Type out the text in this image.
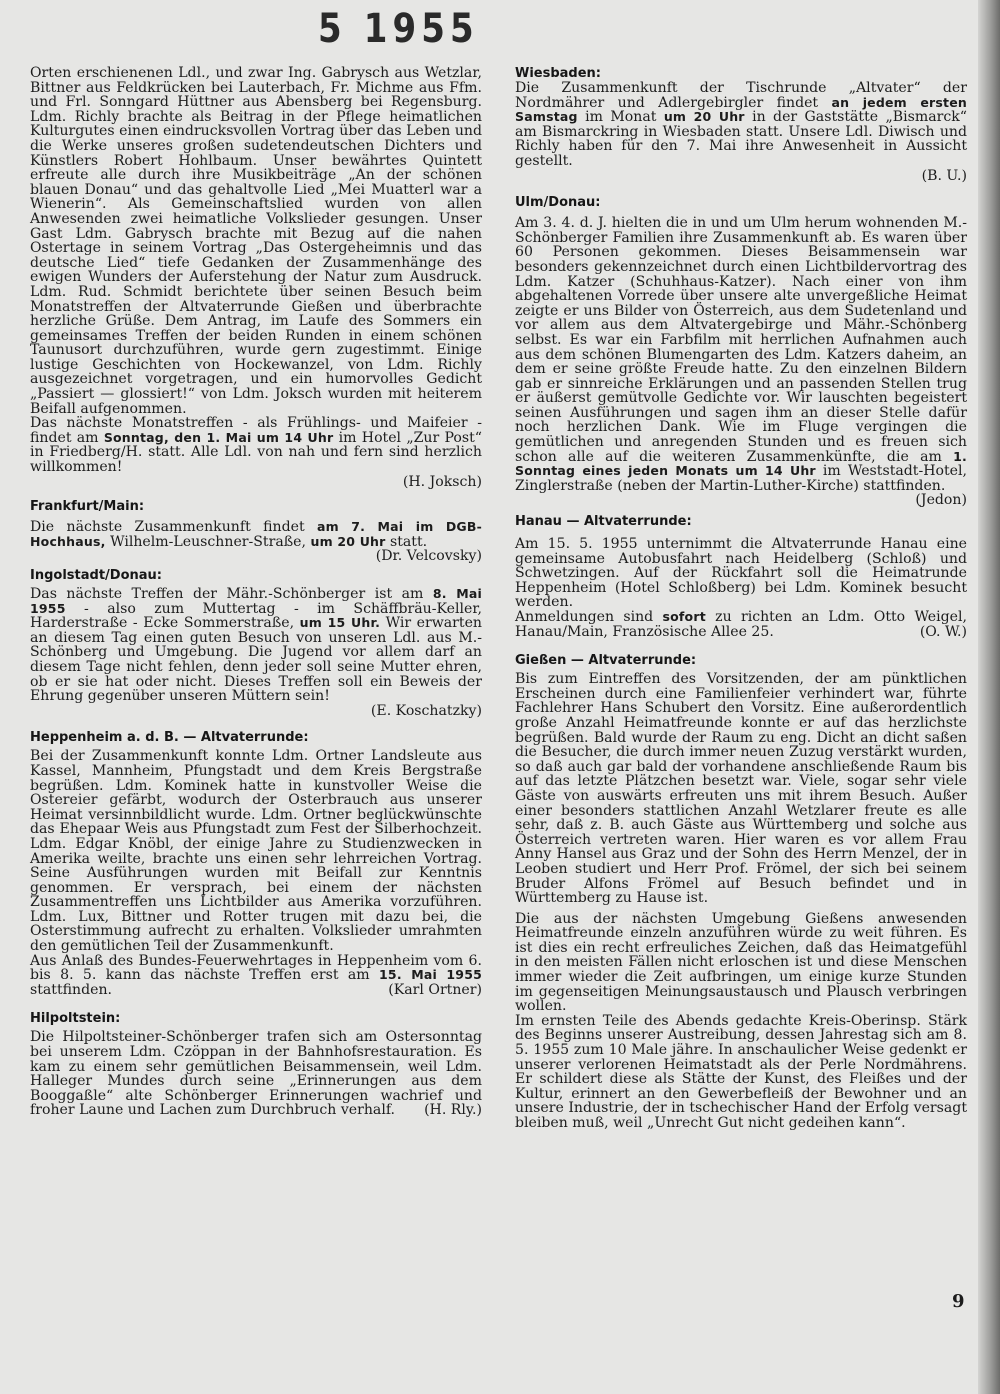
5 1955

Orten erschienenen Ldl., und zwar Ing. Gabrysch aus Wetzlar, Bittner aus Feldkrücken bei Lauterbach, Fr. Michme aus Ffm. und Frl. Sonngard Hüttner aus Abensberg bei Regensburg. Ldm. Richly brachte als Beitrag in der Pflege heimatlichen Kulturgutes einen eindrucksvollen Vortrag über das Leben und die Werke unseres großen sudetendeutschen Dichters und Künstlers Robert Hohlbaum. Unser bewährtes Quintett erfreute alle durch ihre Musikbeiträge „An der schönen blauen Donau“ und das gehaltvolle Lied „Mei Muatterl war a Wienerin“. Als Gemeinschaftslied wurden von allen Anwesenden zwei heimatliche Volkslieder gesungen. Unser Gast Ldm. Gabrysch brachte mit Bezug auf die nahen Ostertage in seinem Vortrag „Das Ostergeheimnis und das deutsche Lied“ tiefe Gedanken der Zusammenhänge des ewigen Wunders der Auferstehung der Natur zum Ausdruck. Ldm. Rud. Schmidt berichtete über seinen Besuch beim Monatstreffen der Altvaterrunde Gießen und überbrachte herzliche Grüße. Dem Antrag, im Laufe des Sommers ein gemeinsames Treffen der beiden Runden in einem schönen Taunusort durchzuführen, wurde gern zugestimmt. Einige lustige Geschichten von Hockewanzel, von Ldm. Richly ausgezeichnet vorgetragen, und ein humorvolles Gedicht „Passiert — glossiert!“ von Ldm. Joksch wurden mit heiterem Beifall aufgenommen.

Das nächste Monatstreffen - als Frühlings- und Maifeier - findet am Sonntag, den 1. Mai um 14 Uhr im Hotel „Zur Post“ in Friedberg/H. statt. Alle Ldl. von nah und fern sind herzlich willkommen!
(H. Joksch)

Frankfurt/Main:

Die nächste Zusammenkunft findet am 7. Mai im DGB-Hochhaus, Wilhelm-Leuschner-Straße, um 20 Uhr statt.
(Dr. Velcovsky)

Ingolstadt/Donau:

Das nächste Treffen der Mähr.-Schönberger ist am 8. Mai 1955 - also zum Muttertag - im Schäffbräu-Keller, Harderstraße - Ecke Sommerstraße, um 15 Uhr. Wir erwarten an diesem Tag einen guten Besuch von unseren Ldl. aus M.-Schönberg und Umgebung. Die Jugend vor allem darf an diesem Tage nicht fehlen, denn jeder soll seine Mutter ehren, ob er sie hat oder nicht. Dieses Treffen soll ein Beweis der Ehrung gegenüber unseren Müttern sein!
(E. Koschatzky)

Heppenheim a. d. B. — Altvaterrunde:

Bei der Zusammenkunft konnte Ldm. Ortner Landsleute aus Kassel, Mannheim, Pfungstadt und dem Kreis Bergstraße begrüßen. Ldm. Kominek hatte in kunstvoller Weise die Ostereier gefärbt, wodurch der Osterbrauch aus unserer Heimat versinnbildlicht wurde. Ldm. Ortner beglückwünschte das Ehepaar Weis aus Pfungstadt zum Fest der Silberhochzeit. Ldm. Edgar Knöbl, der einige Jahre zu Studienzwecken in Amerika weilte, brachte uns einen sehr lehrreichen Vortrag. Seine Ausführungen wurden mit Beifall zur Kenntnis genommen. Er versprach, bei einem der nächsten Zusammentreffen uns Lichtbilder aus Amerika vorzuführen. Ldm. Lux, Bittner und Rotter trugen mit dazu bei, die Osterstimmung aufrecht zu erhalten. Volkslieder umrahmten den gemütlichen Teil der Zusammenkunft.

Aus Anlaß des Bundes-Feuerwehrtages in Heppenheim vom 6. bis 8. 5. kann das nächste Treffen erst am 15. Mai 1955 stattfinden.	(Karl Ortner)

Hilpoltstein:

Die Hilpoltsteiner-Schönberger trafen sich am Ostersonntag bei unserem Ldm. Czöppan in der Bahnhofsrestauration. Es kam zu einem sehr gemütlichen Beisammensein, weil Ldm. Halleger Mundes durch seine „Erinnerungen aus dem Booggaßle“ alte Schönberger Erinnerungen wachrief und froher Laune und Lachen zum Durchbruch verhalf. (H. Rly.)

Wiesbaden:

Die Zusammenkunft der Tischrunde „Altvater“ der Nordmährer und Adlergebirgler findet an jedem ersten Samstag im Monat um 20 Uhr in der Gaststätte „Bismarck“ am Bismarckring in Wiesbaden statt. Unsere Ldl. Diwisch und Richly haben für den 7. Mai ihre Anwesenheit in Aussicht gestellt.
(B. U.)

Ulm/Donau:

Am 3. 4. d. J. hielten die in und um Ulm herum wohnenden M.-Schönberger Familien ihre Zusammenkunft ab. Es waren über 60 Personen gekommen. Dieses Beisammensein war besonders gekennzeichnet durch einen Lichtbildervortrag des Ldm. Katzer (Schuhhaus-Katzer). Nach einer von ihm abgehaltenen Vorrede über unsere alte unvergeßliche Heimat zeigte er uns Bilder von Österreich, aus dem Sudetenland und vor allem aus dem Altvatergebirge und Mähr.-Schönberg selbst. Es war ein Farbfilm mit herrlichen Aufnahmen auch aus dem schönen Blumengarten des Ldm. Katzers daheim, an dem er seine größte Freude hatte. Zu den einzelnen Bildern gab er sinnreiche Erklärungen und an passenden Stellen trug er äußerst gemütvolle Gedichte vor. Wir lauschten begeistert seinen Ausführungen und sagen ihm an dieser Stelle dafür noch herzlichen Dank. Wie im Fluge vergingen die gemütlichen und anregenden Stunden und es freuen sich schon alle auf die weiteren Zusammenkünfte, die am 1. Sonntag eines jeden Monats um 14 Uhr im Weststadt-Hotel, Zinglerstraße (neben der Martin-Luther-Kirche) stattfinden.
(Jedon)

Hanau — Altvaterrunde:

Am 15. 5. 1955 unternimmt die Altvaterrunde Hanau eine gemeinsame Autobusfahrt nach Heidelberg (Schloß) und Schwetzingen. Auf der Rückfahrt soll die Heimatrunde Heppenheim (Hotel Schloßberg) bei Ldm. Kominek besucht werden.

Anmeldungen sind sofort zu richten an Ldm. Otto Weigel, Hanau/Main, Französische Allee 25.	(O. W.)

Gießen — Altvaterrunde:

Bis zum Eintreffen des Vorsitzenden, der am pünktlichen Erscheinen durch eine Familienfeier verhindert war, führte Fachlehrer Hans Schubert den Vorsitz. Eine außerordentlich große Anzahl Heimatfreunde konnte er auf das herzlichste begrüßen. Bald wurde der Raum zu eng. Dicht an dicht saßen die Besucher, die durch immer neuen Zuzug verstärkt wurden, so daß auch gar bald der vorhandene anschließende Raum bis auf das letzte Plätzchen besetzt war. Viele, sogar sehr viele Gäste von auswärts erfreuten uns mit ihrem Besuch. Außer einer besonders stattlichen Anzahl Wetzlarer freute es alle sehr, daß z. B. auch Gäste aus Württemberg und solche aus Österreich vertreten waren. Hier waren es vor allem Frau Anny Hansel aus Graz und der Sohn des Herrn Menzel, der in Leoben studiert und Herr Prof. Frömel, der sich bei seinem Bruder Alfons Frömel auf Besuch befindet und in Württemberg zu Hause ist.

Die aus der nächsten Umgebung Gießens anwesenden Heimatfreunde einzeln anzuführen würde zu weit führen. Es ist dies ein recht erfreuliches Zeichen, daß das Heimatgefühl in den meisten Fällen nicht erloschen ist und diese Menschen immer wieder die Zeit aufbringen, um einige kurze Stunden im gegenseitigen Meinungsaustausch und Plausch verbringen wollen.

Im ernsten Teile des Abends gedachte Kreis-Oberinsp. Stärk des Beginns unserer Austreibung, dessen Jahrestag sich am 8. 5. 1955 zum 10 Male jähre. In anschaulicher Weise gedenkt er unserer verlorenen Heimatstadt als der Perle Nordmährens. Er schildert diese als Stätte der Kunst, des Fleißes und der Kultur, erinnert an den Gewerbefleiß der Bewohner und an unsere Industrie, der in tschechischer Hand der Erfolg versagt bleiben muß, weil „Unrecht Gut nicht gedeihen kann“.

9
